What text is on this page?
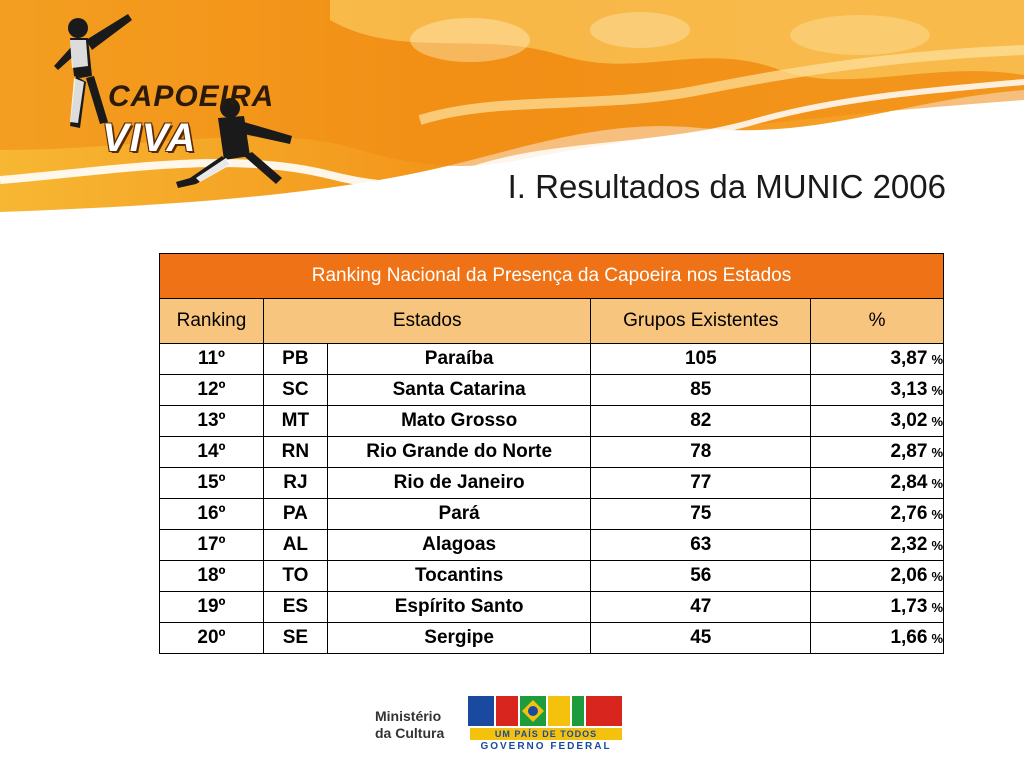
CAPOEIRA
VIVA
I. Resultados da MUNIC 2006
Ranking Nacional da Presença da Capoeira nos Estados				
Ranking	Estados		Grupos Existentes	%
11º	PB	Paraíba	105	3,87 %
12º	SC	Santa Catarina	85	3,13 %
13º	MT	Mato Grosso	82	3,02 %
14º	RN	Rio Grande do Norte	78	2,87 %
15º	RJ	Rio de Janeiro	77	2,84 %
16º	PA	Pará	75	2,76 %
17º	AL	Alagoas	63	2,32 %
18º	TO	Tocantins	56	2,06 %
19º	ES	Espírito Santo	47	1,73 %
20º	SE	Sergipe	45	1,66 %
Ministério
da Cultura	UM PAÍS DE TODOS
GOVERNO FEDERAL
